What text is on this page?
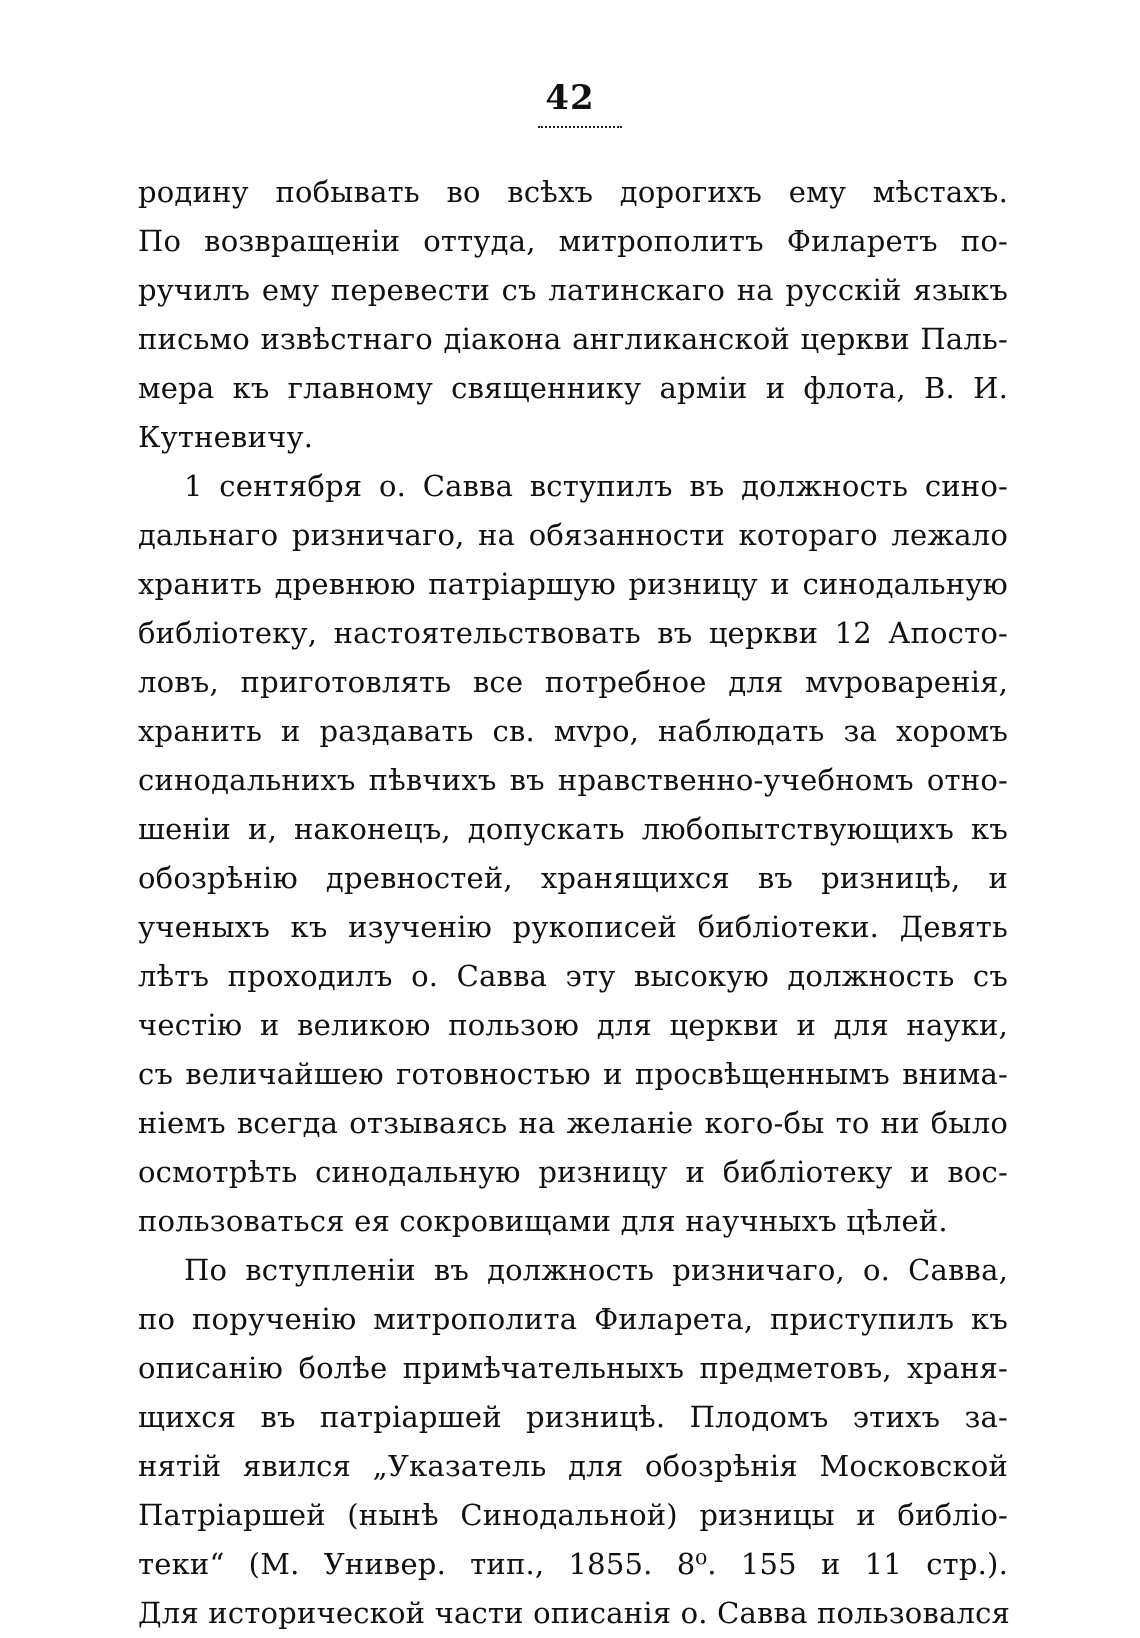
42
родину побывать во всѣхъ дорогихъ ему мѣстахъ.
По возвращеніи оттуда, митрополитъ Филаретъ по-
ручилъ ему перевести съ латинскаго на русскій языкъ
письмо извѣстнаго діакона англиканской церкви Паль-
мера къ главному священнику арміи и флота, В. И.
Кутневичу.
1 сентября о. Савва вступилъ въ должность сино-
дальнаго ризничаго, на обязанности котораго лежало
хранить древнюю патріаршую ризницу и синодальную
библіотеку, настоятельствовать въ церкви 12 Апосто-
ловъ, приготовлять все потребное для мvроваренія,
хранить и раздавать св. мvро, наблюдать за хоромъ
синодальнихъ пѣвчихъ въ нравственно-учебномъ отно-
шеніи и, наконецъ, допускать любопытствующихъ къ
обозрѣнію древностей, хранящихся въ ризницѣ, и
ученыхъ къ изученію рукописей библіотеки. Девять
лѣтъ проходилъ о. Савва эту высокую должность съ
честію и великою пользою для церкви и для науки,
съ величайшею готовностью и просвѣщеннымъ внима-
ніемъ всегда отзываясь на желаніе кого-бы то ни было
осмотрѣть синодальную ризницу и библіотеку и вос-
пользоваться ея сокровищами для научныхъ цѣлей.
По вступленіи въ должность ризничаго, о. Савва,
по порученію митрополита Филарета, приступилъ къ
описанію болѣе примѣчательныхъ предметовъ, храня-
щихся въ патріаршей ризницѣ. Плодомъ этихъ за-
нятій явился „Указатель для обозрѣнія Московской
Патріаршей (нынѣ Синодальной) ризницы и библіо-
теки“ (М. Универ. тип., 1855. 8⁰. 155 и 11 стр.).
Для исторической части описанія о. Савва пользовался
